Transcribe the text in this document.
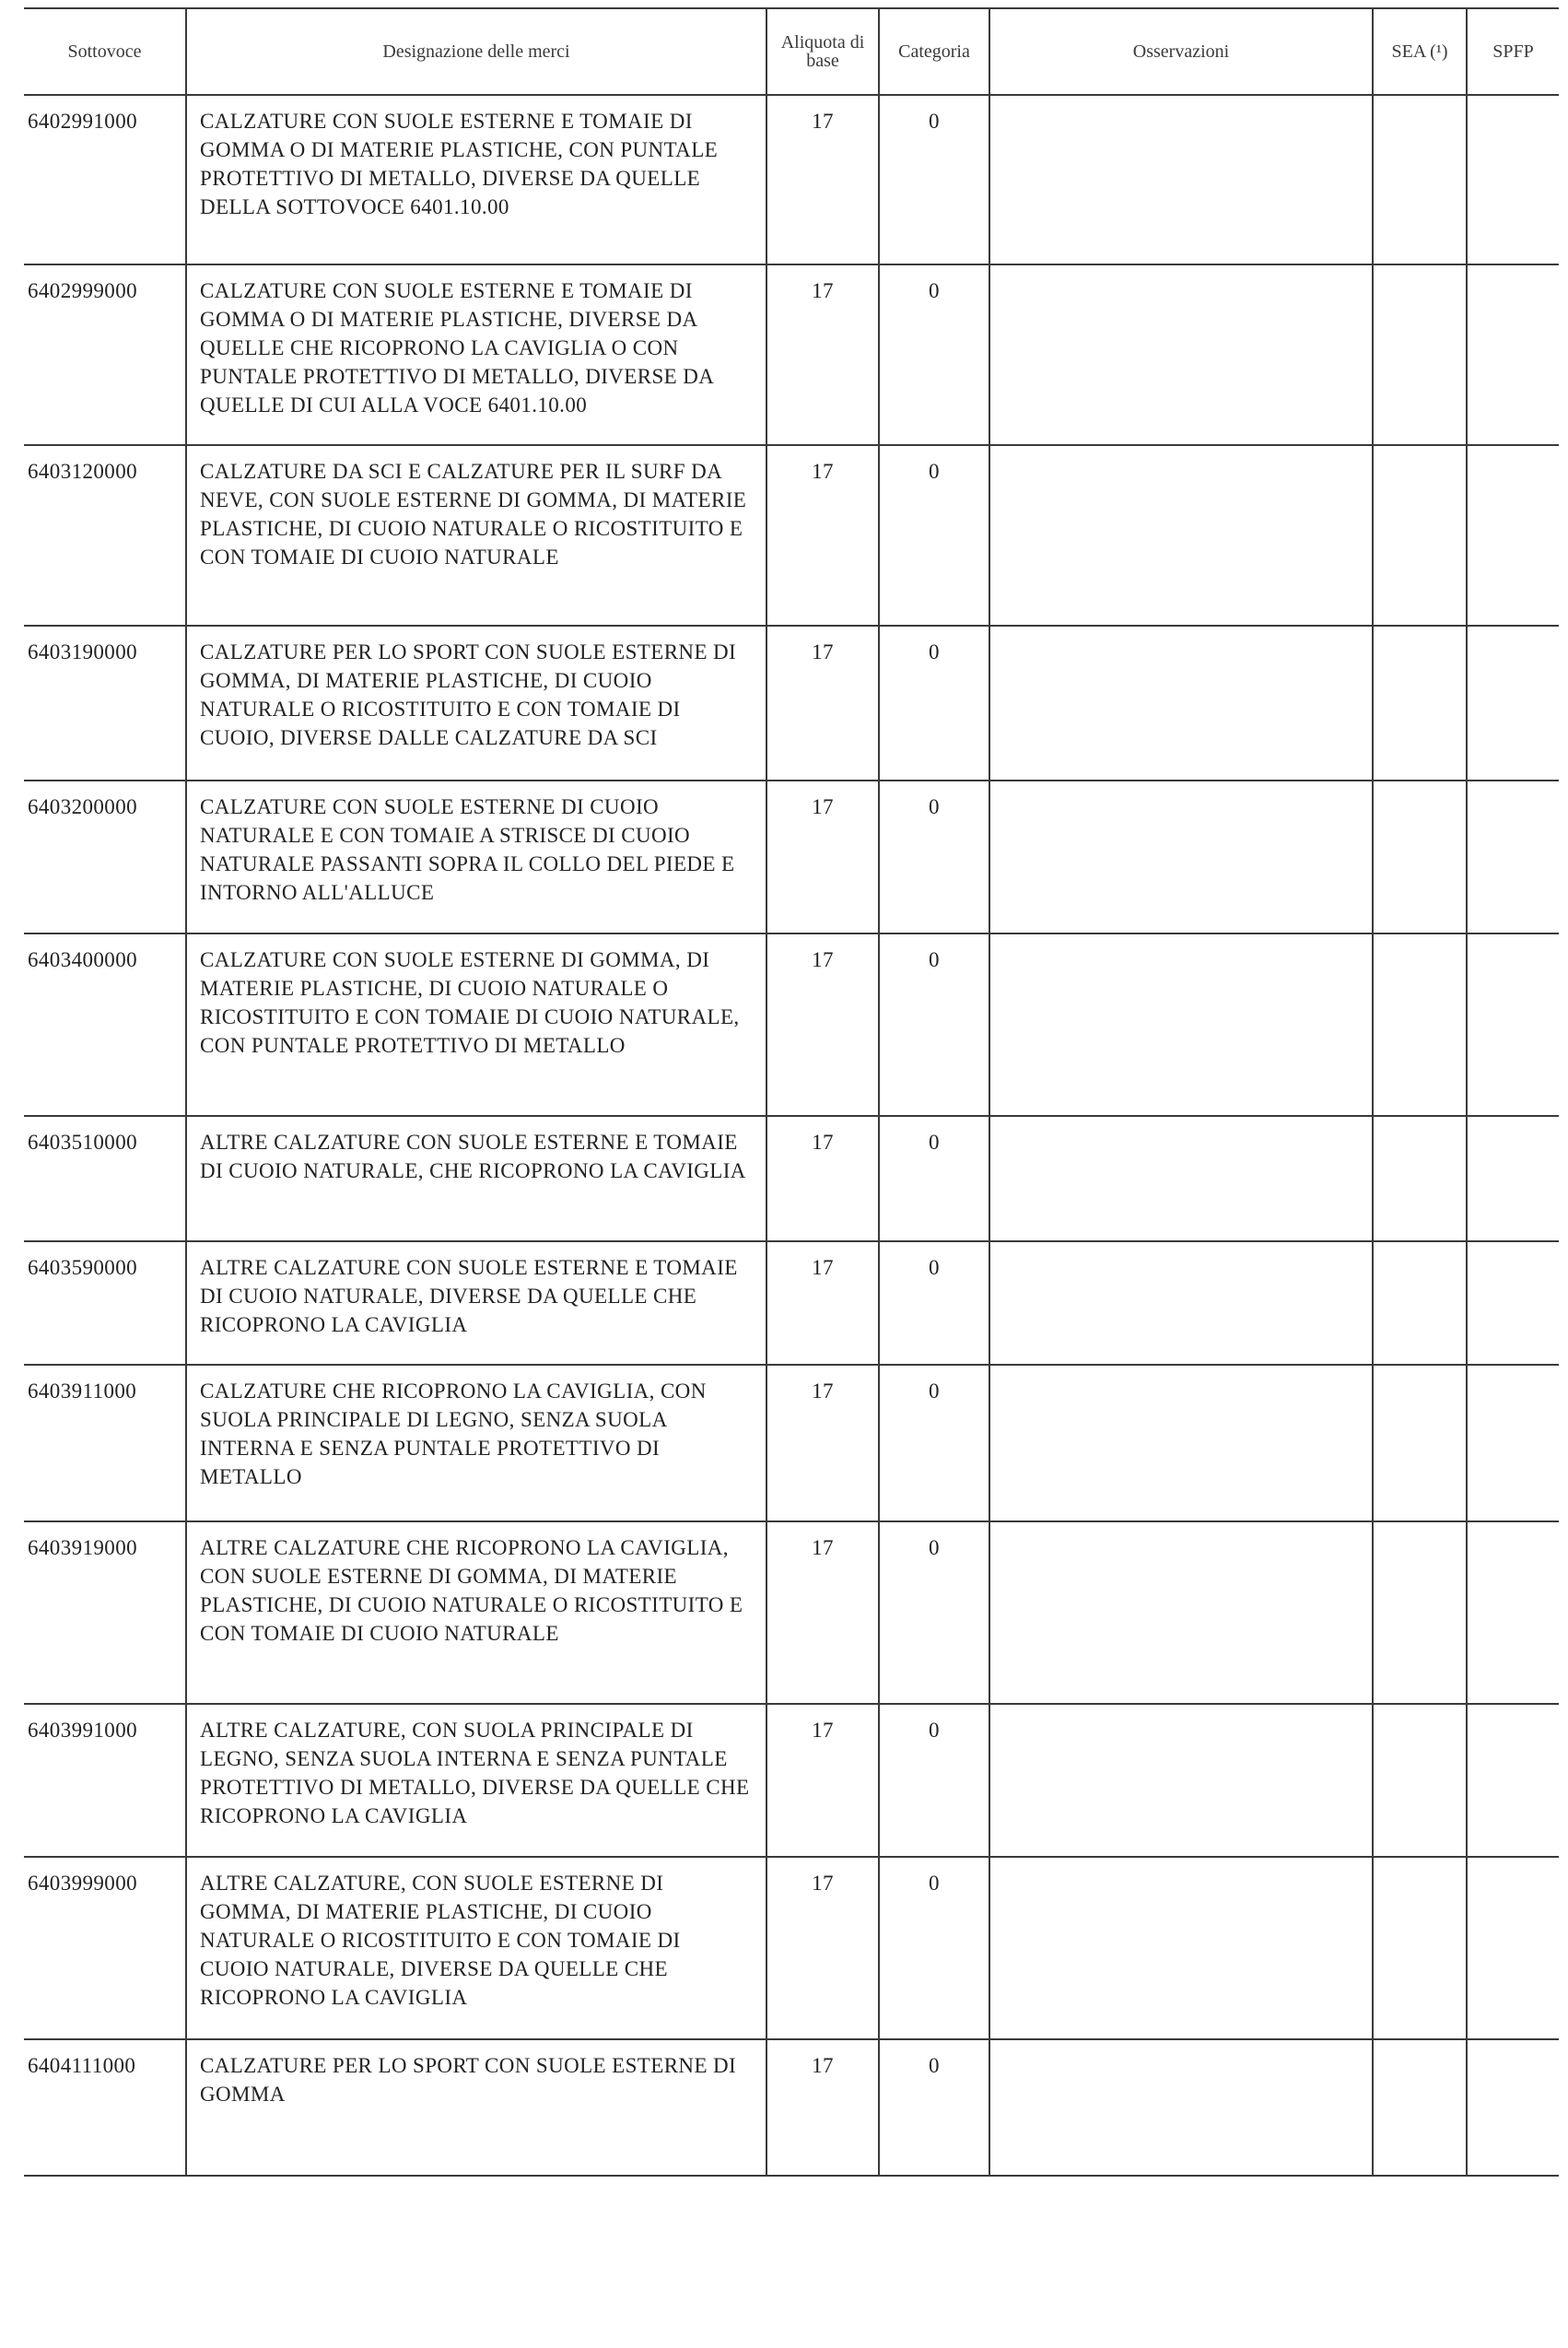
Sottovoce	Designazione delle merci	Aliquota di base	Categoria	Osservazioni	SEA (¹)	SPFP
6402991000	CALZATURE CON SUOLE ESTERNE E TOMAIE DI GOMMA O DI MATERIE PLASTICHE, CON PUNTALE PROTETTIVO DI METALLO, DIVERSE DA QUELLE DELLA SOTTOVOCE 6401.10.00	17	0			
6402999000	CALZATURE CON SUOLE ESTERNE E TOMAIE DI GOMMA O DI MATERIE PLASTICHE, DIVERSE DA QUELLE CHE RICOPRONO LA CAVIGLIA O CON PUNTALE PROTETTIVO DI METALLO, DIVERSE DA QUELLE DI CUI ALLA VOCE 6401.10.00	17	0			
6403120000	CALZATURE DA SCI E CALZATURE PER IL SURF DA NEVE, CON SUOLE ESTERNE DI GOMMA, DI MATERIE PLASTICHE, DI CUOIO NATURALE O RICOSTITUITO E CON TOMAIE DI CUOIO NATURALE	17	0			
6403190000	CALZATURE PER LO SPORT CON SUOLE ESTERNE DI GOMMA, DI MATERIE PLASTICHE, DI CUOIO NATURALE O RICOSTITUITO E CON TOMAIE DI CUOIO, DIVERSE DALLE CALZATURE DA SCI	17	0			
6403200000	CALZATURE CON SUOLE ESTERNE DI CUOIO NATURALE E CON TOMAIE A STRISCE DI CUOIO NATURALE PASSANTI SOPRA IL COLLO DEL PIEDE E INTORNO ALL'ALLUCE	17	0			
6403400000	CALZATURE CON SUOLE ESTERNE DI GOMMA, DI MATERIE PLASTICHE, DI CUOIO NATURALE O RICOSTITUITO E CON TOMAIE DI CUOIO NATURALE, CON PUNTALE PROTETTIVO DI METALLO	17	0			
6403510000	ALTRE CALZATURE CON SUOLE ESTERNE E TOMAIE DI CUOIO NATURALE, CHE RICOPRONO LA CAVIGLIA	17	0			
6403590000	ALTRE CALZATURE CON SUOLE ESTERNE E TOMAIE DI CUOIO NATURALE, DIVERSE DA QUELLE CHE RICOPRONO LA CAVIGLIA	17	0			
6403911000	CALZATURE CHE RICOPRONO LA CAVIGLIA, CON SUOLA PRINCIPALE DI LEGNO, SENZA SUOLA INTERNA E SENZA PUNTALE PROTETTIVO DI METALLO	17	0			
6403919000	ALTRE CALZATURE CHE RICOPRONO LA CAVIGLIA, CON SUOLE ESTERNE DI GOMMA, DI MATERIE PLASTICHE, DI CUOIO NATURALE O RICOSTITUITO E CON TOMAIE DI CUOIO NATURALE	17	0			
6403991000	ALTRE CALZATURE, CON SUOLA PRINCIPALE DI LEGNO, SENZA SUOLA INTERNA E SENZA PUNTALE PROTETTIVO DI METALLO, DIVERSE DA QUELLE CHE RICOPRONO LA CAVIGLIA	17	0			
6403999000	ALTRE CALZATURE, CON SUOLE ESTERNE DI GOMMA, DI MATERIE PLASTICHE, DI CUOIO NATURALE O RICOSTITUITO E CON TOMAIE DI CUOIO NATURALE, DIVERSE DA QUELLE CHE RICOPRONO LA CAVIGLIA	17	0			
6404111000	CALZATURE PER LO SPORT CON SUOLE ESTERNE DI GOMMA	17	0			
